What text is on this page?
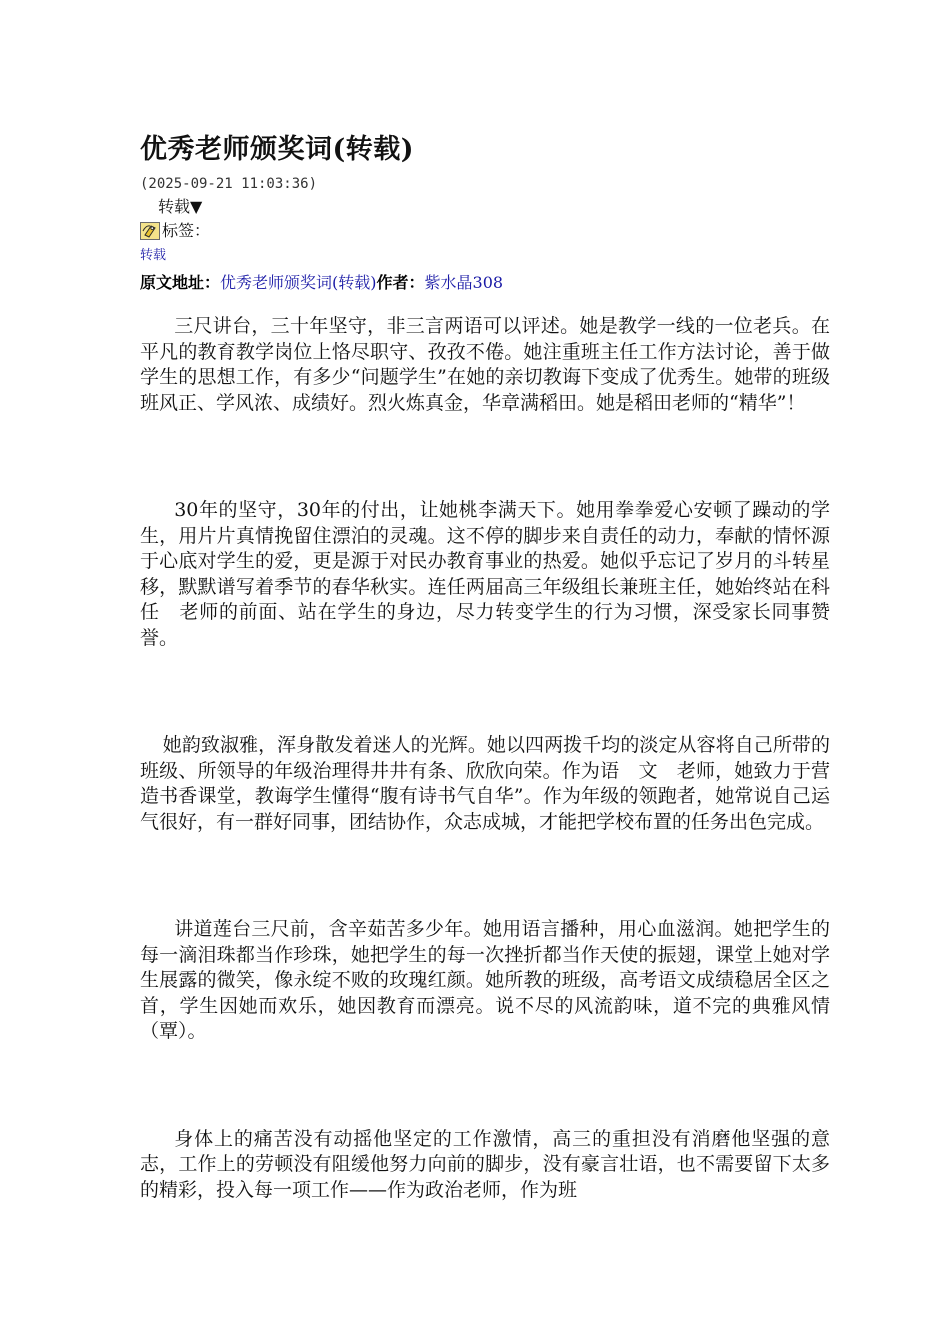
优秀老师颁奖词(转载)
(2025-09-21 11:03:36)
转载▼
标签：
转载
原文地址：优秀老师颁奖词(转载)作者：紫水晶308

三尺讲台，三十年坚守，非三言两语可以评述。她是教学一线的一位老兵。在平凡的教育教学岗位上恪尽职守、孜孜不倦。她注重班主任工作方法讨论，善于做学生的思想工作，有多少“问题学生”在她的亲切教诲下变成了优秀生。她带的班级班风正、学风浓、成绩好。烈火炼真金，华章满稻田。她是稻田老师的“精华”！

30年的坚守，30年的付出，让她桃李满天下。她用拳拳爱心安顿了躁动的学生，用片片真情挽留住漂泊的灵魂。这不停的脚步来自责任的动力，奉献的情怀源于心底对学生的爱，更是源于对民办教育事业的热爱。她似乎忘记了岁月的斗转星移，默默谱写着季节的春华秋实。连任两届高三年级组长兼班主任，她始终站在科　任　老师的前面、站在学生的身边，尽力转变学生的行为习惯，深受家长同事赞誉。

她韵致淑雅，浑身散发着迷人的光辉。她以四两拨千均的淡定从容将自己所带的班级、所领导的年级治理得井井有条、欣欣向荣。作为语　文　老师，她致力于营造书香课堂，教诲学生懂得“腹有诗书气自华”。作为年级的领跑者，她常说自己运气很好，有一群好同事，团结协作，众志成城，才能把学校布置的任务出色完成。

讲道莲台三尺前，含辛茹苦多少年。她用语言播种，用心血滋润。她把学生的每一滴泪珠都当作珍珠，她把学生的每一次挫折都当作天使的振翅，课堂上她对学生展露的微笑，像永绽不败的玫瑰红颜。她所教的班级，高考语文成绩稳居全区之首，学生因她而欢乐，她因教育而漂亮。说不尽的风流韵味，道不完的典雅风情（覃）。

身体上的痛苦没有动摇他坚定的工作激情，高三的重担没有消磨他坚强的意志，工作上的劳顿没有阻缓他努力向前的脚步，没有豪言壮语，也不需要留下太多的精彩，投入每一项工作——作为政治老师，作为班
